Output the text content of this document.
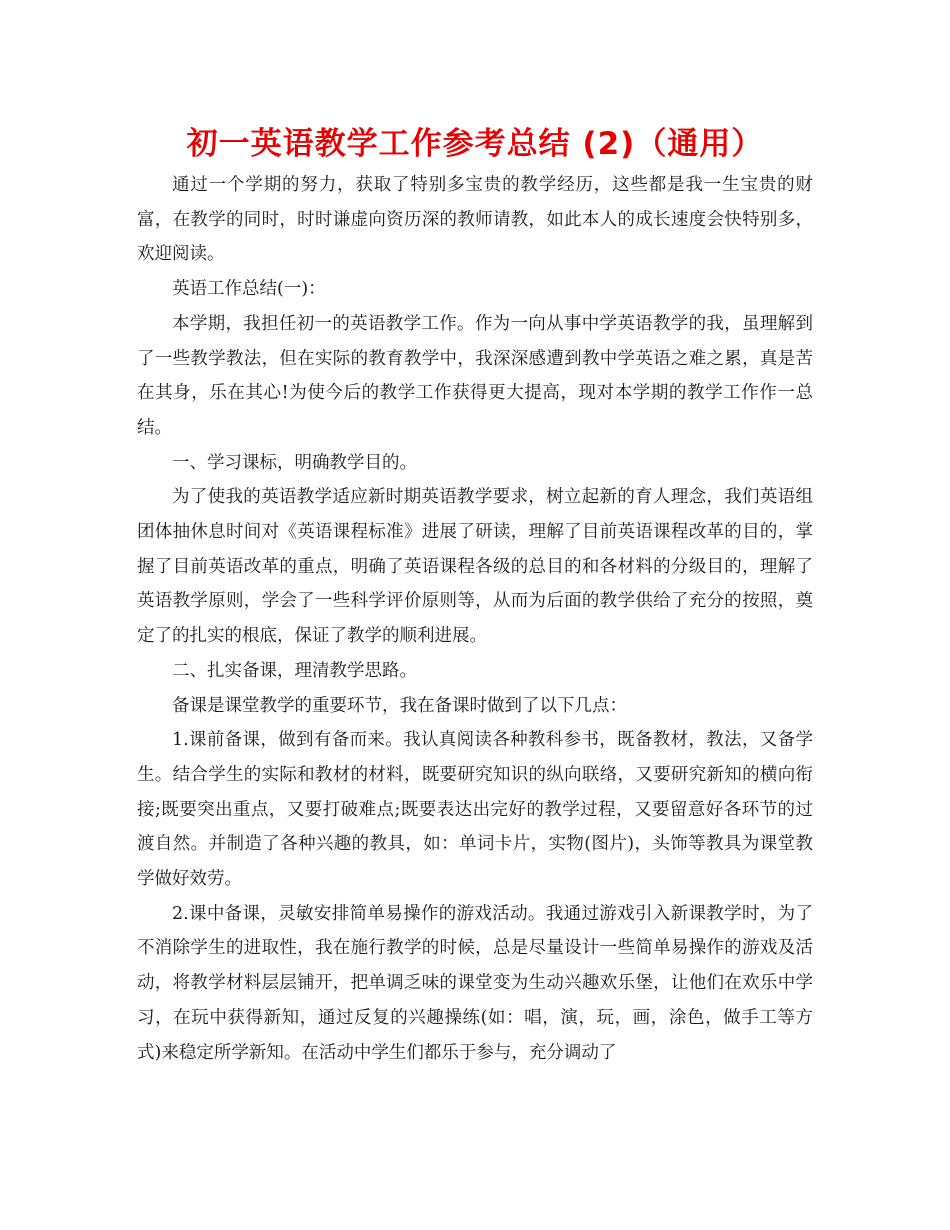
初一英语教学工作参考总结 (2)（通用）

通过一个学期的努力，获取了特别多宝贵的教学经历，这些都是我一生宝贵的财富，在教学的同时，时时谦虚向资历深的教师请教，如此本人的成长速度会快特别多，欢迎阅读。

英语工作总结(一)：

本学期，我担任初一的英语教学工作。作为一向从事中学英语教学的我，虽理解到了一些教学教法，但在实际的教育教学中，我深深感遭到教中学英语之难之累，真是苦在其身，乐在其心!为使今后的教学工作获得更大提高，现对本学期的教学工作作一总结。

一、学习课标，明确教学目的。

为了使我的英语教学适应新时期英语教学要求，树立起新的育人理念，我们英语组团体抽休息时间对《英语课程标准》进展了研读，理解了目前英语课程改革的目的，掌握了目前英语改革的重点，明确了英语课程各级的总目的和各材料的分级目的，理解了英语教学原则，学会了一些科学评价原则等，从而为后面的教学供给了充分的按照，奠定了的扎实的根底，保证了教学的顺利进展。

二、扎实备课，理清教学思路。

备课是课堂教学的重要环节，我在备课时做到了以下几点：

1.课前备课，做到有备而来。我认真阅读各种教科参书，既备教材，教法，又备学生。结合学生的实际和教材的材料，既要研究知识的纵向联络，又要研究新知的横向衔接;既要突出重点，又要打破难点;既要表达出完好的教学过程，又要留意好各环节的过渡自然。并制造了各种兴趣的教具，如：单词卡片，实物(图片)，头饰等教具为课堂教学做好效劳。

2.课中备课，灵敏安排简单易操作的游戏活动。我通过游戏引入新课教学时，为了不消除学生的进取性，我在施行教学的时候，总是尽量设计一些简单易操作的游戏及活动，将教学材料层层铺开，把单调乏味的课堂变为生动兴趣欢乐堡，让他们在欢乐中学习，在玩中获得新知，通过反复的兴趣操练(如：唱，演，玩，画，涂色，做手工等方式)来稳定所学新知。在活动中学生们都乐于参与，充分调动了
